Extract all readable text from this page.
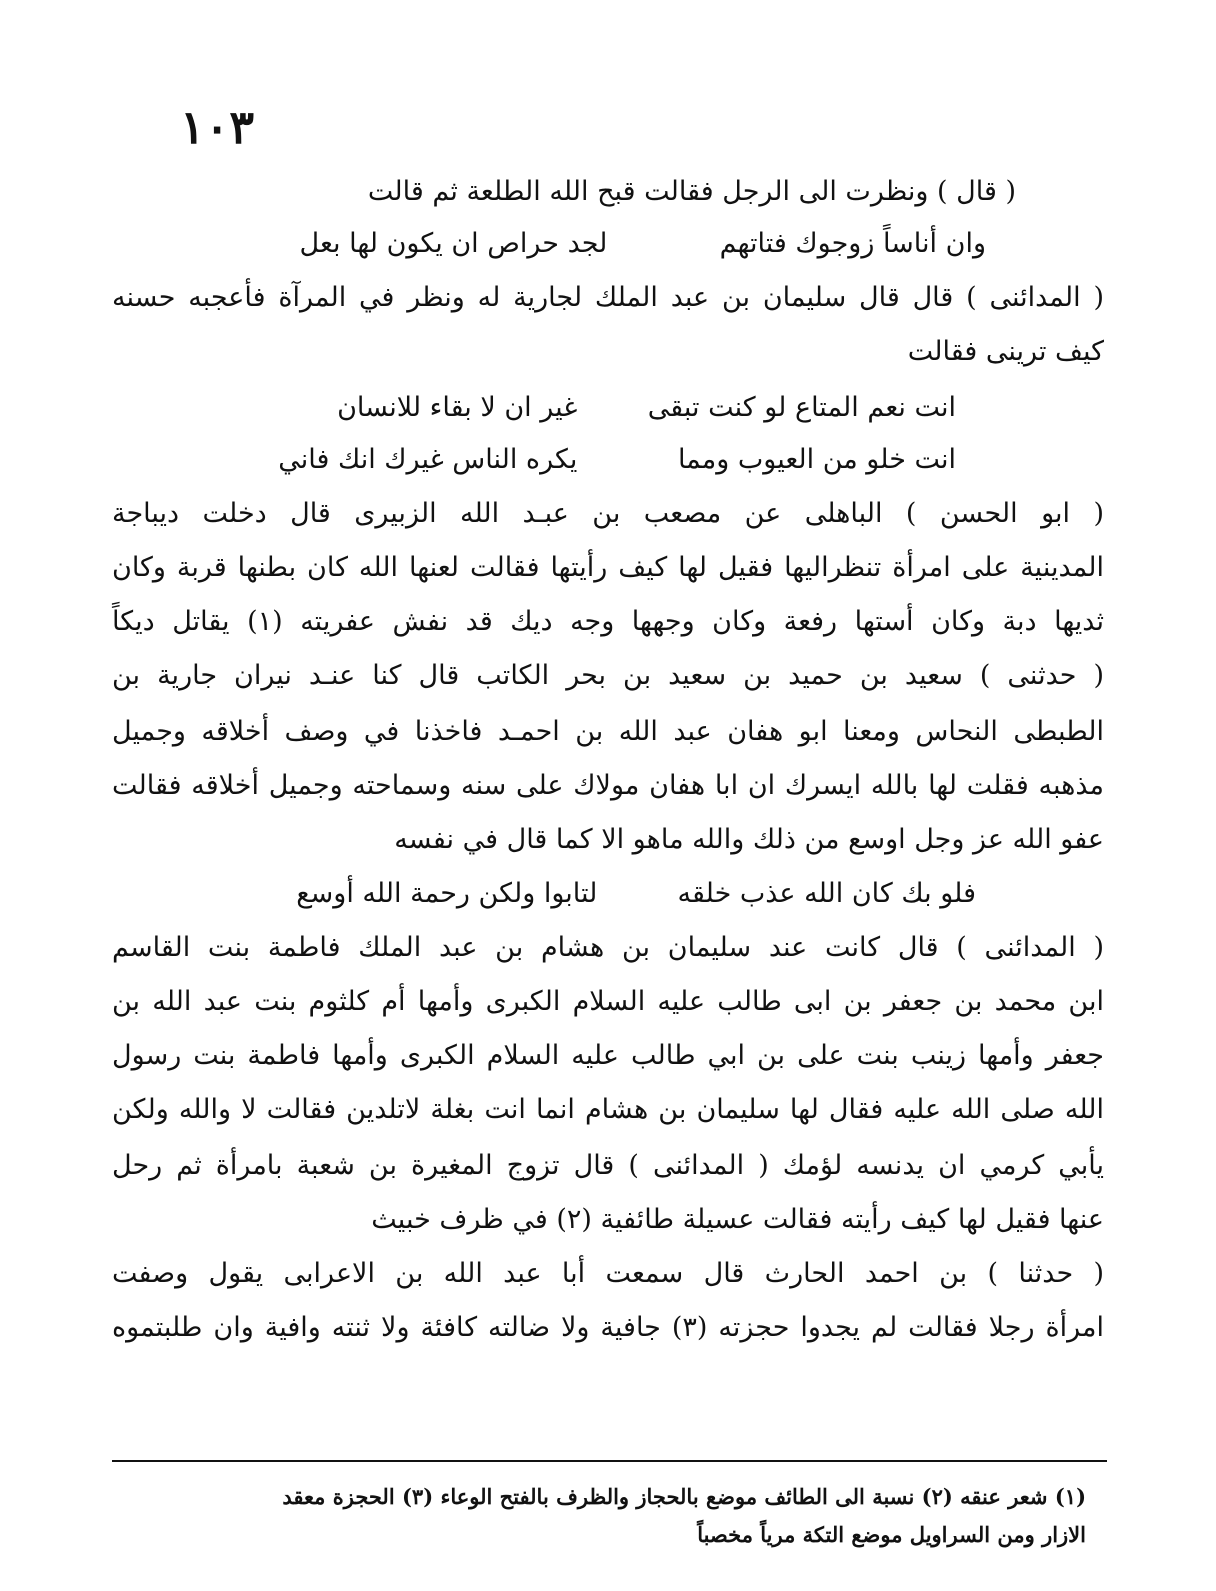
١٠٣
( قال ) ونظرت الى الرجل فقالت قبح الله الطلعة ثم قالت
وان أناساً زوجوك فتاتهم لجد حراص ان يكون لها بعل
( المدائنى ) قال قال سليمان بن عبد الملك لجارية له ونظر في المرآة فأعجبه حسنه
كيف ترينى فقالت
انت نعم المتاع لو كنت تبقى غير ان لا بقاء للانسان
انت خلو من العيوب ومما يكره الناس غيرك انك فاني
( ابو الحسن ) الباهلى عن مصعب بن عبـد الله الزبيرى قال دخلت ديباجة
المدينية على امرأة تنظراليها فقيل لها كيف رأيتها فقالت لعنها الله كان بطنها قربة وكان
ثديها دبة وكان أستها رفعة وكان وجهها وجه ديك قد نفش عفريته (١) يقاتل ديكاً
( حدثنى ) سعيد بن حميد بن سعيد بن بحر الكاتب قال كنا عنـد نيران جارية بن
الطبطى النحاس ومعنا ابو هفان عبد الله بن احمـد فاخذنا في وصف أخلاقه وجميل
مذهبه فقلت لها بالله ايسرك ان ابا هفان مولاك على سنه وسماحته وجميل أخلاقه فقالت
عفو الله عز وجل اوسع من ذلك والله ماهو الا كما قال في نفسه
فلو بك كان الله عذب خلقه لتابوا ولكن رحمة الله أوسع
( المدائنى ) قال كانت عند سليمان بن هشام بن عبد الملك فاطمة بنت القاسم
ابن محمد بن جعفر بن ابى طالب عليه السلام الكبرى وأمها أم كلثوم بنت عبد الله بن
جعفر وأمها زينب بنت على بن ابي طالب عليه السلام الكبرى وأمها فاطمة بنت رسول
الله صلى الله عليه فقال لها سليمان بن هشام انما انت بغلة لاتلدين فقالت لا والله ولكن
يأبي كرمي ان يدنسه لؤمك ( المدائنى ) قال تزوج المغيرة بن شعبة بامرأة ثم رحل
عنها فقيل لها كيف رأيته فقالت عسيلة طائفية (٢) في ظرف خبيث
( حدثنا ) بن احمد الحارث قال سمعت أبا عبد الله بن الاعرابى يقول وصفت
امرأة رجلا فقالت لم يجدوا حجزته (٣) جافية ولا ضالته كافئة ولا ثنته وافية وان طلبتموه
(١) شعر عنقه (٢) نسبة الى الطائف موضع بالحجاز والظرف بالفتح الوعاء (٣) الحجزة معقد
الازار ومن السراويل موضع التكة مرياً مخصباً
